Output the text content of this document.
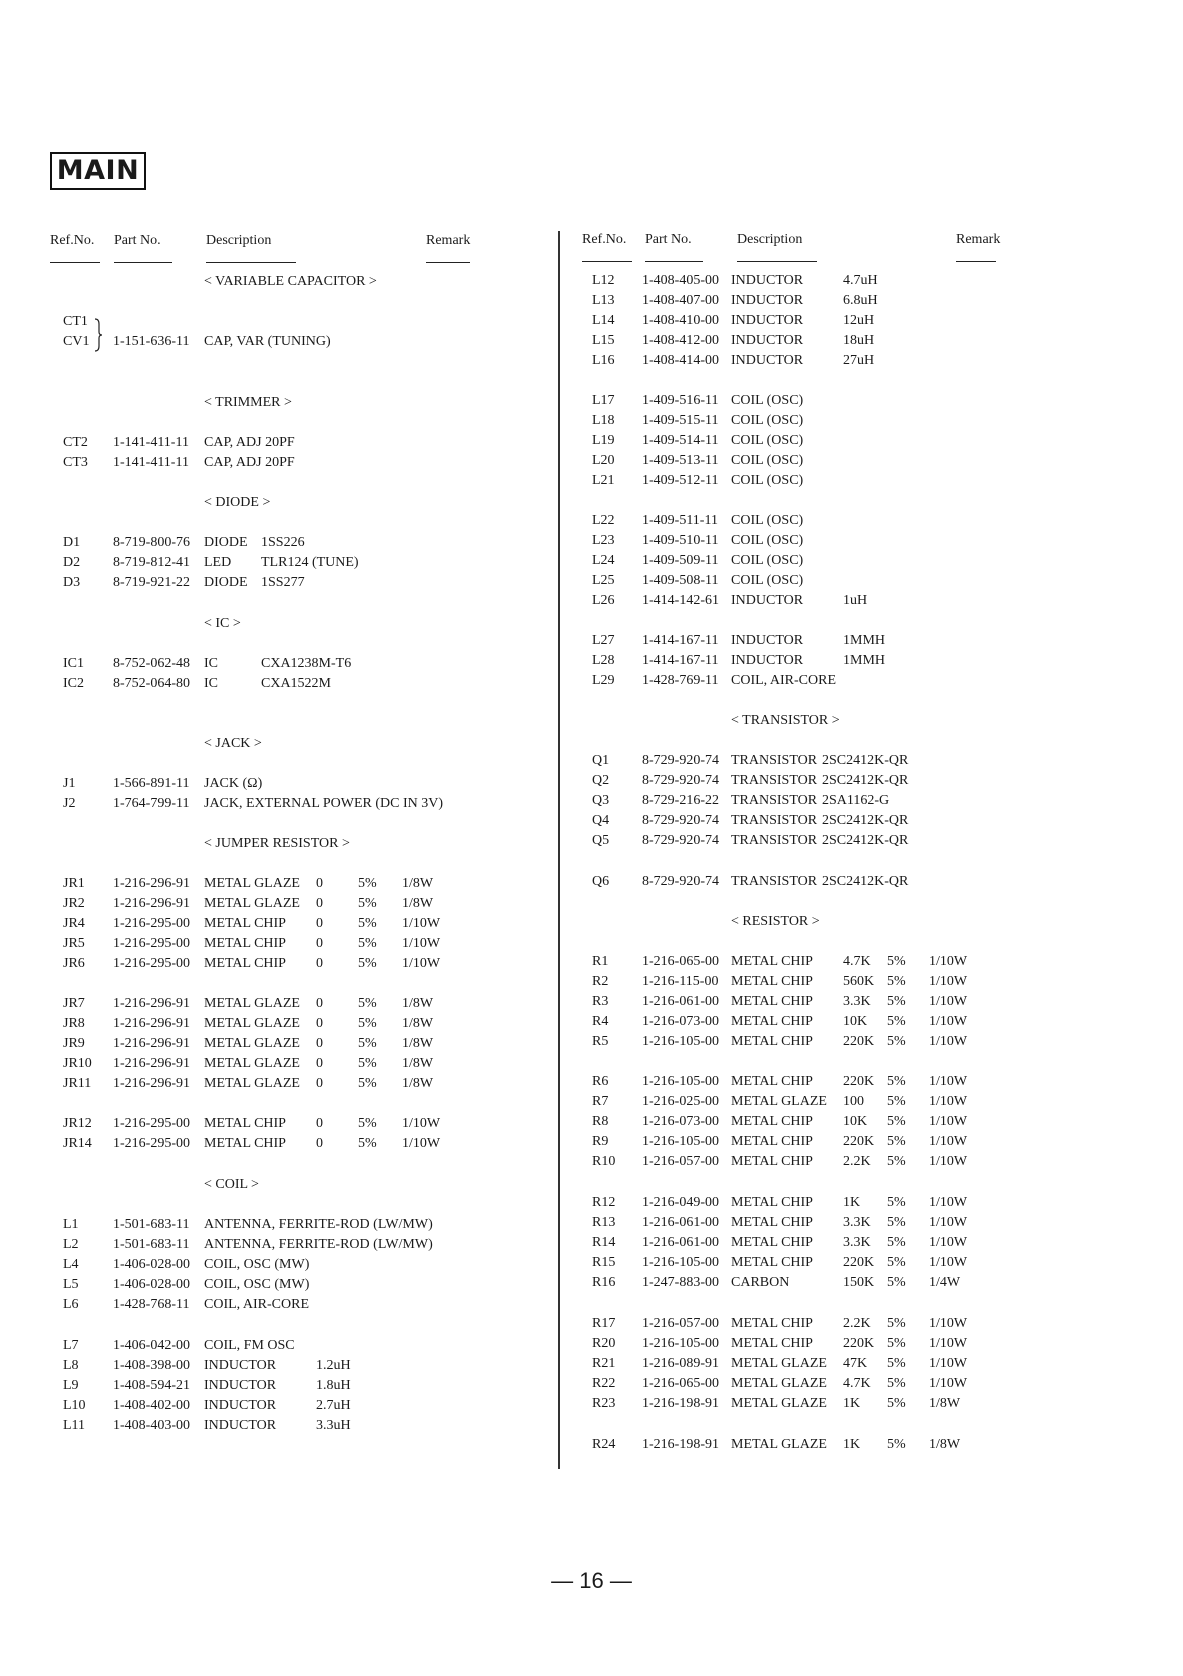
MAIN
Ref.No. Part No.	Description	Remark	Ref.No. Part No.	Description	Remark
< VARIABLE CAPACITOR >
CT1
CV1 1-151-636-11 CAP, VAR (TUNING)
< TRIMMER >
CT2 1-141-411-11 CAP, ADJ 20PF
CT3 1-141-411-11 CAP, ADJ 20PF
< DIODE >
D1 8-719-800-76 DIODE 1SS226
D2 8-719-812-41 LED TLR124 (TUNE)
D3 8-719-921-22 DIODE 1SS277
< IC >
IC1 8-752-062-48 IC	CXA1238M-T6
IC2 8-752-064-80 IC	CXA1522M
< JACK >
J1	1-566-891-11 JACK (Ω)
J2	1-764-799-11 JACK, EXTERNAL POWER (DC IN 3V)
< JUMPER RESISTOR >
JR1 1-216-296-91 METAL GLAZE 0	5% 1/8W
JR2 1-216-296-91 METAL GLAZE 0	5% 1/8W
JR4 1-216-295-00 METAL CHIP 0	5% 1/10W
JR5 1-216-295-00 METAL CHIP 0	5% 1/10W
JR6 1-216-295-00 METAL CHIP 0	5% 1/10W
JR7 1-216-296-91 METAL GLAZE 0	5% 1/8W
JR8 1-216-296-91 METAL GLAZE 0	5% 1/8W
JR9 1-216-296-91 METAL GLAZE 0	5% 1/8W
JR10 1-216-296-91 METAL GLAZE 0	5% 1/8W
JR11 1-216-296-91 METAL GLAZE 0	5% 1/8W
JR12 1-216-295-00 METAL CHIP 0	5% 1/10W
JR14 1-216-295-00 METAL CHIP 0	5% 1/10W
< COIL >
L1 1-501-683-11 ANTENNA, FERRITE-ROD (LW/MW)
L2 1-501-683-11 ANTENNA, FERRITE-ROD (LW/MW)
L4 1-406-028-00 COIL, OSC (MW)
L5 1-406-028-00 COIL, OSC (MW)
L6 1-428-768-11 COIL, AIR-CORE
L7 1-406-042-00 COIL, FM OSC
L8 1-408-398-00 INDUCTOR	1.2uH
L9 1-408-594-21 INDUCTOR	1.8uH
L10 1-408-402-00 INDUCTOR	2.7uH
L11 1-408-403-00 INDUCTOR	3.3uH
L12 1-408-405-00 INDUCTOR	4.7uH
L13 1-408-407-00 INDUCTOR	6.8uH
L14 1-408-410-00 INDUCTOR	12uH
L15 1-408-412-00 INDUCTOR	18uH
L16 1-408-414-00 INDUCTOR	27uH
L17 1-409-516-11 COIL (OSC)
L18 1-409-515-11 COIL (OSC)
L19 1-409-514-11 COIL (OSC)
L20 1-409-513-11 COIL (OSC)
L21 1-409-512-11 COIL (OSC)
L22 1-409-511-11 COIL (OSC)
L23 1-409-510-11 COIL (OSC)
L24 1-409-509-11 COIL (OSC)
L25 1-409-508-11 COIL (OSC)
L26 1-414-142-61 INDUCTOR	1uH
L27 1-414-167-11 INDUCTOR	1MMH
L28 1-414-167-11 INDUCTOR	1MMH
L29 1-428-769-11 COIL, AIR-CORE
< TRANSISTOR >
Q1 8-729-920-74 TRANSISTOR 2SC2412K-QR
Q2 8-729-920-74 TRANSISTOR 2SC2412K-QR
Q3 8-729-216-22 TRANSISTOR 2SA1162-G
Q4 8-729-920-74 TRANSISTOR 2SC2412K-QR
Q5 8-729-920-74 TRANSISTOR 2SC2412K-QR
Q6 8-729-920-74 TRANSISTOR 2SC2412K-QR
< RESISTOR >
R1 1-216-065-00 METAL CHIP 4.7K 5% 1/10W
R2 1-216-115-00 METAL CHIP 560K 5% 1/10W
R3 1-216-061-00 METAL CHIP 3.3K 5% 1/10W
R4 1-216-073-00 METAL CHIP 10K 5% 1/10W
R5 1-216-105-00 METAL CHIP 220K 5% 1/10W
R6 1-216-105-00 METAL CHIP 220K 5% 1/10W
R7 1-216-025-00 METAL GLAZE 100 5% 1/10W
R8 1-216-073-00 METAL CHIP 10K 5% 1/10W
R9 1-216-105-00 METAL CHIP 220K 5% 1/10W
R10 1-216-057-00 METAL CHIP 2.2K 5% 1/10W
R12 1-216-049-00 METAL CHIP 1K 5% 1/10W
R13 1-216-061-00 METAL CHIP 3.3K 5% 1/10W
R14 1-216-061-00 METAL CHIP 3.3K 5% 1/10W
R15 1-216-105-00 METAL CHIP 220K 5% 1/10W
R16 1-247-883-00 CARBON	150K 5% 1/4W
R17 1-216-057-00 METAL CHIP 2.2K 5% 1/10W
R20 1-216-105-00 METAL CHIP 220K 5% 1/10W
R21 1-216-089-91 METAL GLAZE 47K 5% 1/10W
R22 1-216-065-00 METAL GLAZE 4.7K 5% 1/10W
R23 1-216-198-91 METAL GLAZE 1K 5% 1/8W
R24 1-216-198-91 METAL GLAZE 1K 5% 1/8W
— 16 —
